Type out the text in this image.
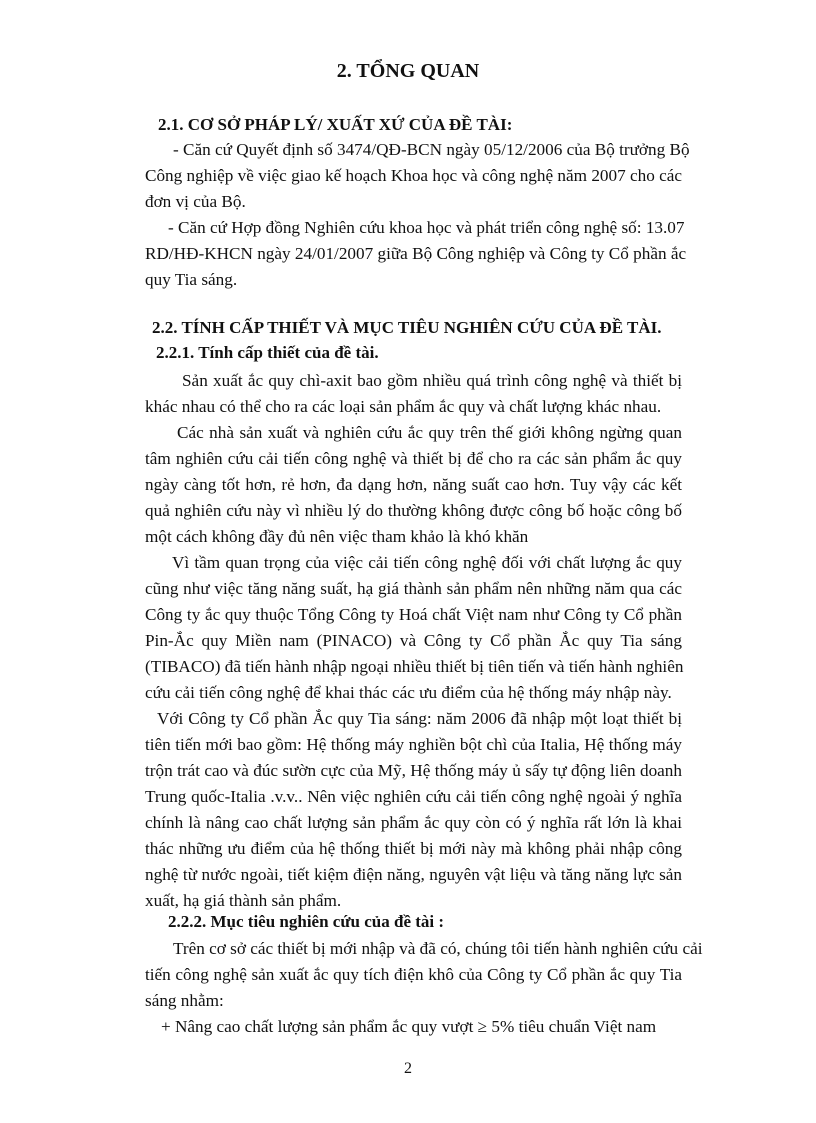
2. TỔNG QUAN
2.1. CƠ SỞ PHÁP LÝ/ XUẤT XỨ CỦA ĐỀ TÀI:
- Căn cứ Quyết định số 3474/QĐ-BCN ngày 05/12/2006 của Bộ trưởng Bộ
Công nghiệp về việc giao kế hoạch Khoa học và công nghệ năm 2007 cho các
đơn vị của Bộ.
- Căn cứ Hợp đồng Nghiên cứu khoa học và phát triển công nghệ số: 13.07
RD/HĐ-KHCN ngày 24/01/2007 giữa Bộ Công nghiệp và Công ty Cổ phần ắc
quy Tia sáng.
2.2. TÍNH CẤP THIẾT VÀ MỤC TIÊU NGHIÊN CỨU CỦA ĐỀ TÀI.
2.2.1. Tính cấp thiết của đề tài.
Sản xuất ắc quy chì-axit bao gồm nhiều quá trình công nghệ và thiết bị
khác nhau có thể cho ra các loại sản phẩm ắc quy và chất lượng khác nhau.
Các nhà sản xuất và nghiên cứu ắc quy trên thế giới không ngừng quan
tâm nghiên cứu cải tiến công nghệ và thiết bị để cho ra các sản phẩm ắc quy
ngày càng tốt hơn, rẻ hơn, đa dạng hơn, năng suất cao hơn. Tuy vậy các kết
quả nghiên cứu này vì nhiều lý do thường không được công bố hoặc công bố
một cách không đầy đủ nên việc tham khảo là khó khăn
Vì tầm quan trọng của việc cải tiến công nghệ đối với chất lượng ắc quy
cũng như việc tăng năng suất, hạ giá thành sản phẩm nên những năm qua các
Công ty ắc quy thuộc Tổng Công ty Hoá chất Việt nam như Công ty Cổ phần
Pin-Ắc quy Miền nam (PINACO) và Công ty Cổ phần Ắc quy Tia sáng
(TIBACO) đã tiến hành nhập ngoại nhiều thiết bị tiên tiến và tiến hành nghiên
cứu cải tiến công nghệ để khai thác các ưu điểm của hệ thống máy nhập này.
Với Công ty Cổ phần Ắc quy Tia sáng: năm 2006 đã nhập một loạt thiết bị
tiên tiến mới bao gồm: Hệ thống máy nghiền bột chì của Italia, Hệ thống máy
trộn trát cao và đúc sườn cực của Mỹ, Hệ thống máy ủ sấy tự động liên doanh
Trung quốc-Italia .v.v.. Nên việc nghiên cứu cải tiến công nghệ ngoài ý nghĩa
chính là nâng cao chất lượng sản phẩm ắc quy còn có ý nghĩa rất lớn là khai
thác những ưu điểm của hệ thống thiết bị mới này mà không phải nhập công
nghệ từ nước ngoài, tiết kiệm điện năng, nguyên vật liệu và tăng năng lực sản
xuất, hạ giá thành sản phẩm.
2.2.2. Mục tiêu nghiên cứu của đề tài :
Trên cơ sở các thiết bị mới nhập và đã có, chúng tôi tiến hành nghiên cứu cải
tiến công nghệ sản xuất ắc quy tích điện khô của Công ty Cổ phần ắc quy Tia
sáng nhằm:
+ Nâng cao chất lượng sản phẩm ắc quy vượt ≥ 5% tiêu chuẩn Việt nam
2
